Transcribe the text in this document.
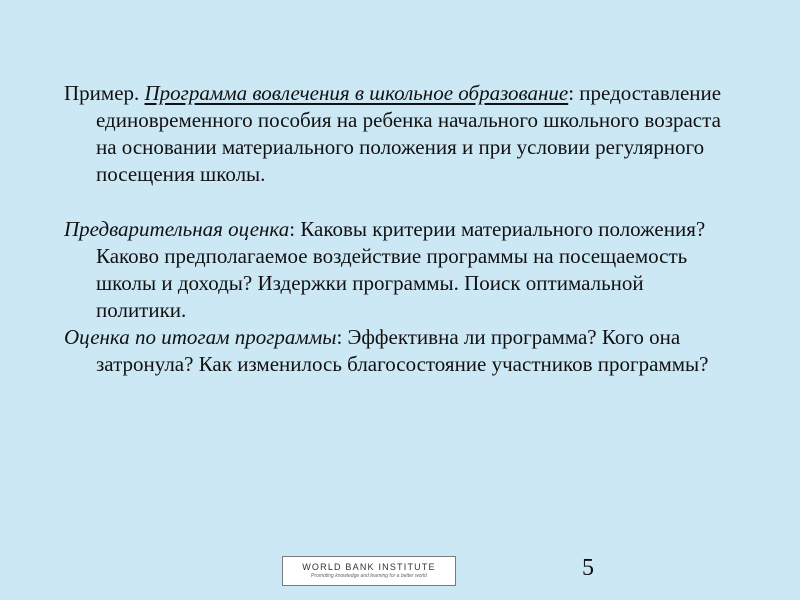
Пример. Программа вовлечения в школьное образование: предоставление единовременного пособия на ребенка начального школьного возраста на основании материального положения и при условии регулярного посещения школы.

Предварительная оценка: Каковы критерии материального положения? Каково предполагаемое воздействие программы на посещаемость школы и доходы? Издержки программы. Поиск оптимальной политики.

Оценка по итогам программы: Эффективна ли программа? Кого она затронула? Как изменилось благосостояние участников программы?

WORLD BANK INSTITUTE
Promoting knowledge and learning for a better world	5
